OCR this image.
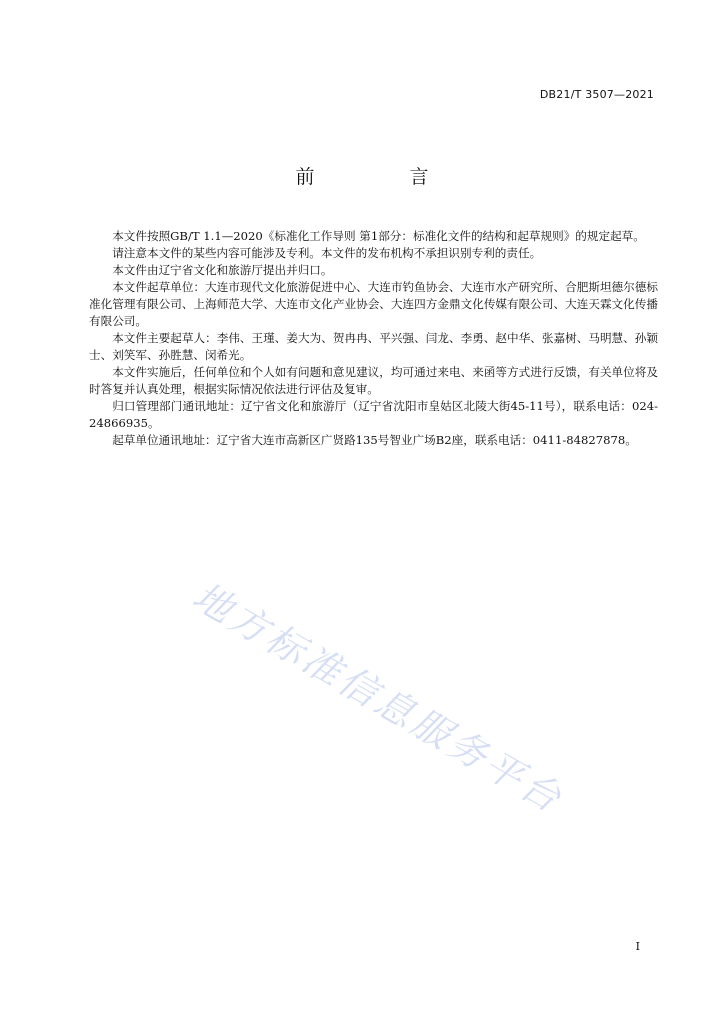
DB21/T 3507—2021
前　言

本文件按照GB/T 1.1—2020《标准化工作导则 第1部分：标准化文件的结构和起草规则》的规定起草。

请注意本文件的某些内容可能涉及专利。本文件的发布机构不承担识别专利的责任。

本文件由辽宁省文化和旅游厅提出并归口。

本文件起草单位：大连市现代文化旅游促进中心、大连市钓鱼协会、大连市水产研究所、合肥斯坦德尔德标准化管理有限公司、上海师范大学、大连市文化产业协会、大连四方金鼎文化传媒有限公司、大连天霖文化传播有限公司。

本文件主要起草人：李伟、王瑾、姜大为、贺冉冉、平兴强、闫龙、李勇、赵中华、张嘉树、马明慧、孙颖士、刘笑军、孙胜慧、闵希光。

本文件实施后，任何单位和个人如有问题和意见建议，均可通过来电、来函等方式进行反馈，有关单位将及时答复并认真处理，根据实际情况依法进行评估及复审。

归口管理部门通讯地址：辽宁省文化和旅游厅（辽宁省沈阳市皇姑区北陵大街45-11号），联系电话：024-24866935。

起草单位通讯地址：辽宁省大连市高新区广贤路135号智业广场B2座，联系电话：0411-84827878。

地方标准信息服务平台
I
